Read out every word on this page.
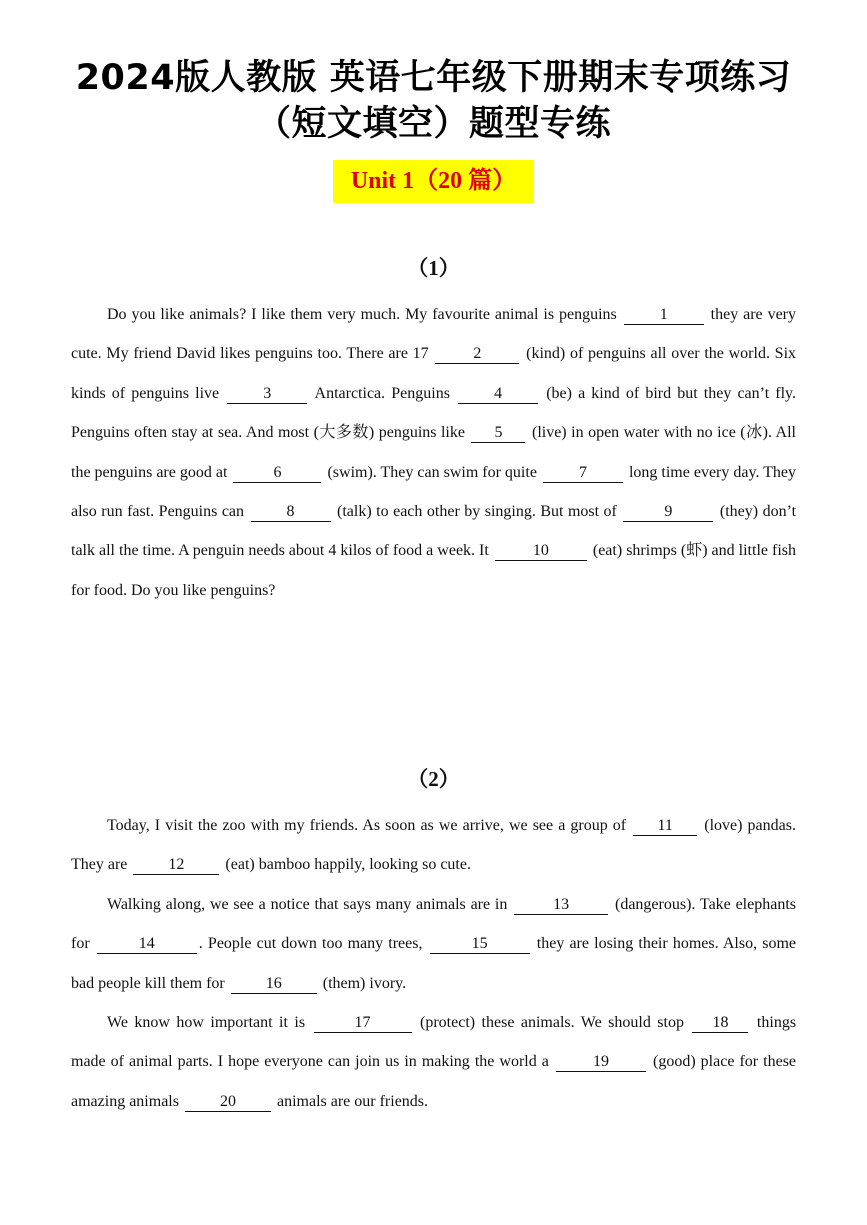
2024版人教版 英语七年级下册期末专项练习
（短文填空）题型专练
Unit 1（20 篇）
（1）

Do you like animals? I like them very much. My favourite animal is penguins	1	they are very cute. My friend David likes penguins too. There are 17	2	(kind) of penguins all over the world. Six kinds of penguins live	3	Antarctica. Penguins	4	(be) a kind of bird but they can’t fly. Penguins often stay at sea. And most (大多数) penguins like 5 (live) in open water with no ice (冰). All the penguins are good at	6	(swim). They can swim for quite	7	long time every day. They also run fast. Penguins can	8	(talk) to each other by singing. But most of	9	(they) don’t talk all the time. A penguin needs about 4 kilos of food a week. It	10	(eat) shrimps (虾) and little fish for food. Do you like penguins?

（2）

Today, I visit the zoo with my friends. As soon as we arrive, we see a group of 11 (love) pandas. They are	12	(eat) bamboo happily, looking so cute.

Walking along, we see a notice that says many animals are in	13	(dangerous). Take elephants for	14	. People cut down too many trees,	15	they are losing their homes. Also, some bad people kill them for	16	(them) ivory.

We know how important it is	17	(protect) these animals. We should stop 18 things made of animal parts. I hope everyone can join us in making the world a	19	(good) place for these amazing animals	20	animals are our friends.
